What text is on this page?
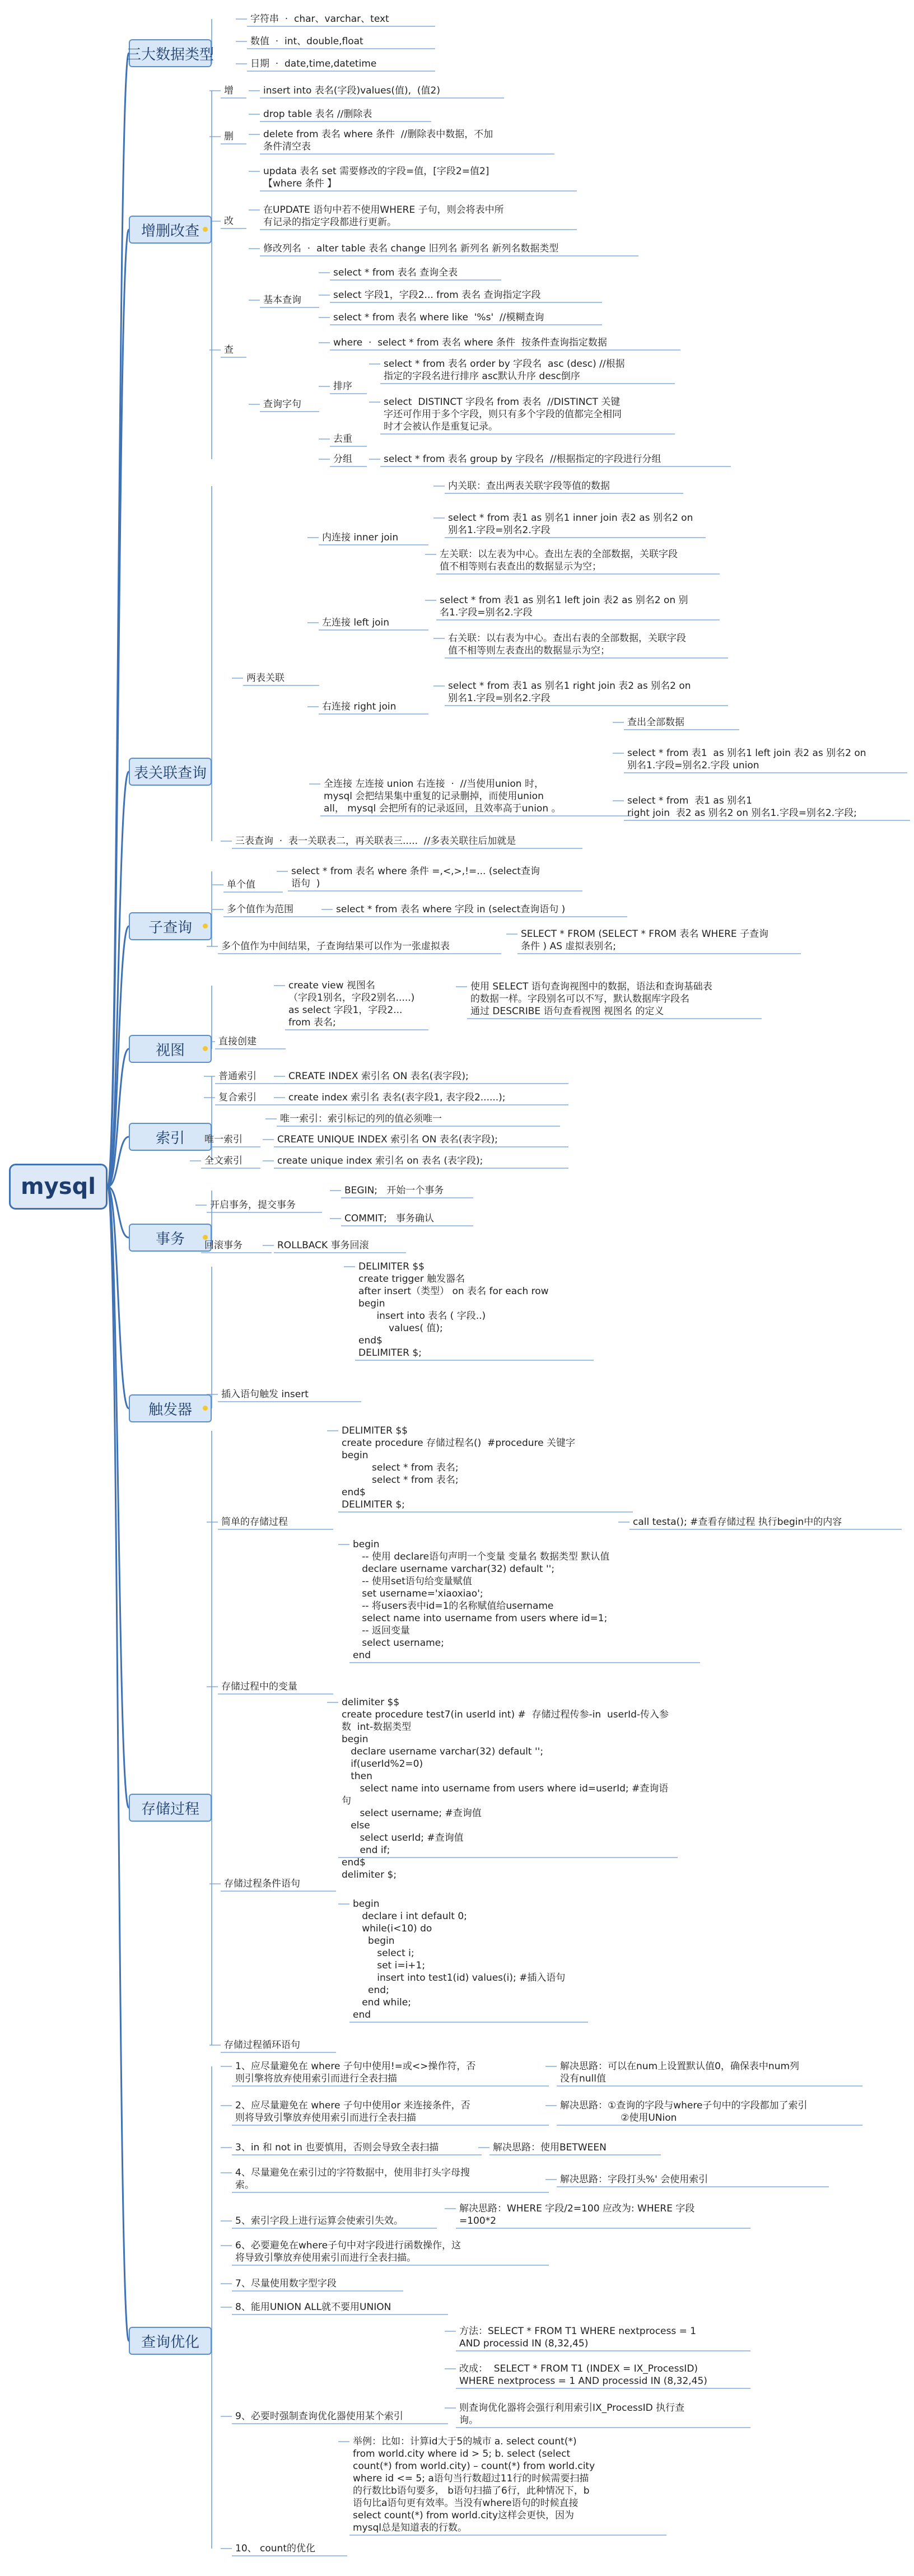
mysql
三大数据类型
字符串  ·  char、varchar、text
数值  ·  int、double,float
日期  ·  date,time,datetime
增删改查
增	insert into 表名(字段)values(值),  (值2)
删
drop table 表名 //删除表
delete from 表名 where 条件  //删除表中数据，不加
条件清空表
改
updata 表名 set 需要修改的字段=值，[字段2=值2]
【where 条件 】
在UPDATE 语句中若不使用WHERE 子句，则会将表中所
有记录的指定字段都进行更新。
修改列名  ·  alter table 表名 change 旧列名 新列名 新列名数据类型
查
基本查询
select * from 表名 查询全表
select 字段1，字段2... from 表名 查询指定字段
select * from 表名 where like  '%s'  //模糊查询
查询字句
where  ·  select * from 表名 where 条件  按条件查询指定数据
排序
select * from 表名 order by 字段名  asc (desc) //根据
指定的字段名进行排序 asc默认升序 desc倒序
去重
select  DISTINCT 字段名 from 表名  //DISTINCT 关键
字还可作用于多个字段，则只有多个字段的值都完全相同
时才会被认作是重复记录。
分组	select * from 表名 group by 字段名  //根据指定的字段进行分组
表关联查询
内关联：查出两表关联字段等值的数据
两表关联
内连接 inner join
select * from 表1 as 别名1 inner join 表2 as 别名2 on
别名1.字段=别名2.字段
左连接 left join
左关联：以左表为中心。查出左表的全部数据，关联字段
值不相等则右表查出的数据显示为空；
select * from 表1 as 别名1 left join 表2 as 别名2 on 别
名1.字段=别名2.字段
右连接 right join
右关联：以右表为中心。查出右表的全部数据，关联字段
值不相等则左表查出的数据显示为空；
select * from 表1 as 别名1 right join 表2 as 别名2 on
别名1.字段=别名2.字段
查出全部数据
全连接 左连接 union 右连接  ·  //当使用union 时，
mysql 会把结果集中重复的记录删掉，而使用union
all， mysql 会把所有的记录返回，且效率高于union 。
select * from 表1  as 别名1 left join 表2 as 别名2 on
别名1.字段=别名2.字段 union
select * from  表1 as 别名1
right join  表2 as 别名2 on 别名1.字段=别名2.字段;
三表查询  ·  表一关联表二，再关联表三.....  //多表关联往后加就是
子查询
单个值
select * from 表名 where 条件 =,<,>,!=... (select查询
语句  )
多个值作为范围	select * from 表名 where 字段 in (select查询语句 )
多个值作为中间结果，子查询结果可以作为一张虚拟表
SELECT * FROM (SELECT * FROM 表名 WHERE 子查询
条件 ) AS 虚拟表别名;
视图
直接创建
create view 视图名
（字段1别名，字段2别名.....)
as select 字段1，字段2...
from 表名;
使用 SELECT 语句查询视图中的数据，语法和查询基础表
的数据一样。字段别名可以不写，默认数据库字段名
通过 DESCRIBE 语句查看视图 视图名 的定义
索引
普通索引	CREATE INDEX 索引名 ON 表名(表字段);
复合索引	create index 索引名 表名(表字段1, 表字段2......);
唯一索引：索引标记的列的值必须唯一
唯一索引	CREATE UNIQUE INDEX 索引名 ON 表名(表字段);
全文索引	create unique index 索引名 on 表名 (表字段);
事务
开启事务，提交事务
BEGIN;   开始一个事务
COMMIT;   事务确认
回滚事务	ROLLBACK 事务回滚
触发器
插入语句触发 insert
DELIMITER $$
create trigger 触发器名
after insert（类型） on 表名 for each row
begin
insert into 表名 ( 字段..)
values( 值);
end$
DELIMITER $;
存储过程
DELIMITER $$
create procedure 存储过程名()  #procedure 关键字
begin
select * from 表名;
select * from 表名;
end$
DELIMITER $;
简单的存储过程	call testa(); #查看存储过程 执行begin中的内容
begin
-- 使用 declare语句声明一个变量 变量名 数据类型 默认值
declare username varchar(32) default '';
-- 使用set语句给变量赋值
set username='xiaoxiao';
-- 将users表中id=1的名称赋值给username
select name into username from users where id=1;
-- 返回变量
select username;
end
存储过程中的变量
delimiter $$
create procedure test7(in userId int) #  存储过程传参-in  userId-传入参数  int-数据类型
begin
declare username varchar(32) default '';
if(userId%2=0)
then
select name into username from users where id=userId; #查询语句
select username; #查询值
else
select userId; #查询值
end if;
end$
delimiter $;
存储过程条件语句
begin
declare i int default 0;
while(i<10) do
begin
select i;
set i=i+1;
insert into test1(id) values(i); #插入语句
end;
end while;
end
存储过程循环语句
查询优化
1、应尽量避免在 where 子句中使用!=或<>操作符，否
则引擎将放弃使用索引而进行全表扫描
解决思路：可以在num上设置默认值0，确保表中num列
没有null值
2、应尽量避免在 where 子句中使用or 来连接条件，否
则将导致引擎放弃使用索引而进行全表扫描
解决思路：①查询的字段与where子句中的字段都加了索引
②使用UNion
3、in 和 not in 也要慎用，否则会导致全表扫描	解决思路：使用BETWEEN
4、尽量避免在索引过的字符数据中，使用非打头字母搜
索。	解决思路：字段打头%' 会使用索引
5、索引字段上进行运算会使索引失效。
解决思路：WHERE 字段/2=100 应改为: WHERE 字段
=100*2
6、必要避免在where子句中对字段进行函数操作，这
将导致引擎放弃使用索引而进行全表扫描。
7、尽量使用数字型字段
8、能用UNION ALL就不要用UNION
方法：SELECT * FROM T1 WHERE nextprocess = 1
AND processid IN (8,32,45)
改成：  SELECT * FROM T1 (INDEX = IX_ProcessID)
WHERE nextprocess = 1 AND processid IN (8,32,45)
9、必要时强制查询优化器使用某个索引
则查询优化器将会强行利用索引IX_ProcessID 执行查
询。
举例：比如：计算id大于5的城市 a. select count(*)
from world.city where id > 5; b. select (select
count(*) from world.city) – count(*) from world.city
where id <= 5; a语句当行数超过11行的时候需要扫描
的行数比b语句要多， b语句扫描了6行，此种情况下，b
语句比a语句更有效率。当没有where语句的时候直接
select count(*) from world.city这样会更快，因为
mysql总是知道表的行数。
10、 count的优化
